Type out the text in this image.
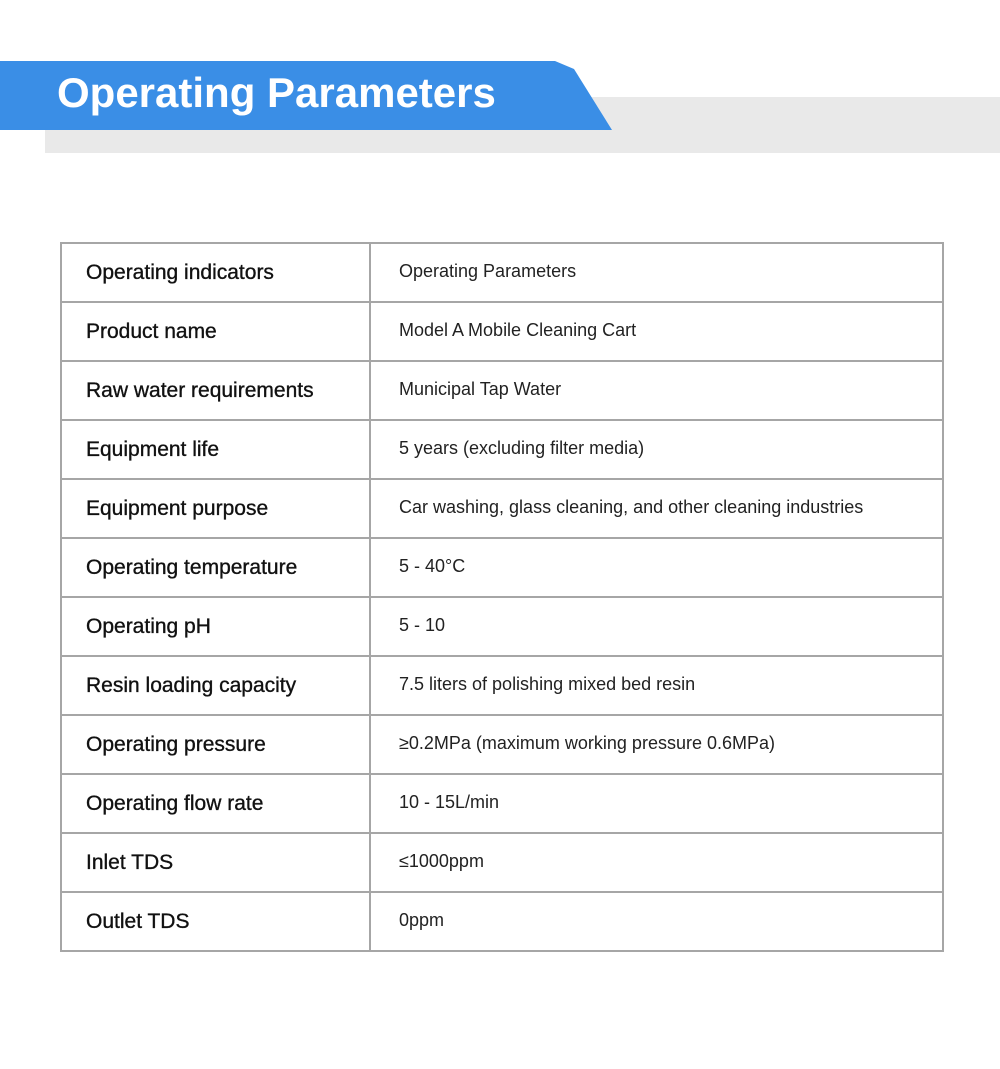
Operating Parameters
Operating indicators	Operating Parameters
Product name	Model A Mobile Cleaning Cart
Raw water requirements	Municipal Tap Water
Equipment life	5 years (excluding filter media)
Equipment purpose	Car washing, glass cleaning, and other cleaning industries
Operating temperature	5 - 40°C
Operating pH	5 - 10
Resin loading capacity	7.5 liters of polishing mixed bed resin
Operating pressure	≥0.2MPa (maximum working pressure 0.6MPa)
Operating flow rate	10 - 15L/min
Inlet TDS	≤1000ppm
Outlet TDS	0ppm
